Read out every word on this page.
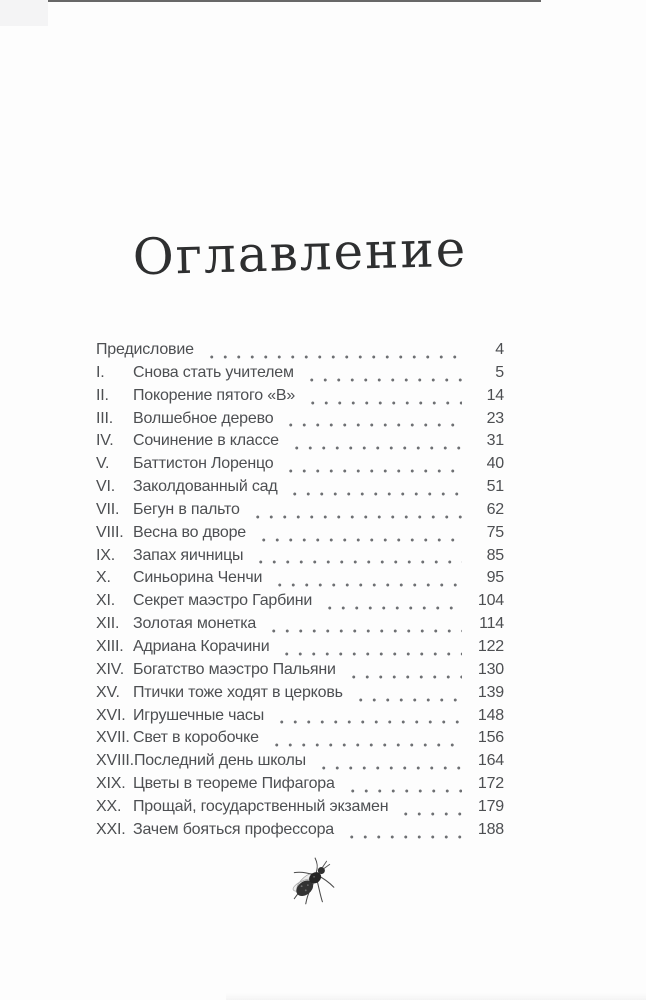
Оглавление
Предисловие	4
I.	Снова стать учителем	5
II.	Покорение пятого «В»	14
III.	Волшебное дерево	23
IV.	Сочинение в классе	31
V.	Баттистон Лоренцо	40
VI.	Заколдованный сад	51
VII. Бегун в пальто	62
VIII. Весна во дворе	75
IX.	Запах яичницы	85
X.	Синьорина Ченчи	95
XI.	Секрет маэстро Гарбини	104
XII. Золотая монетка	114
XIII. Адриана Корачини	122
XIV. Богатство маэстро Пальяни	130
XV. Птички тоже ходят в церковь	139
XVI. Игрушечные часы	148
XVII. Свет в коробочке	156
XVIII. Последний день школы	164
XIX. Цветы в теореме Пифагора	172
XX. Прощай, государственный экзамен	179
XXI. Зачем бояться профессора	188
